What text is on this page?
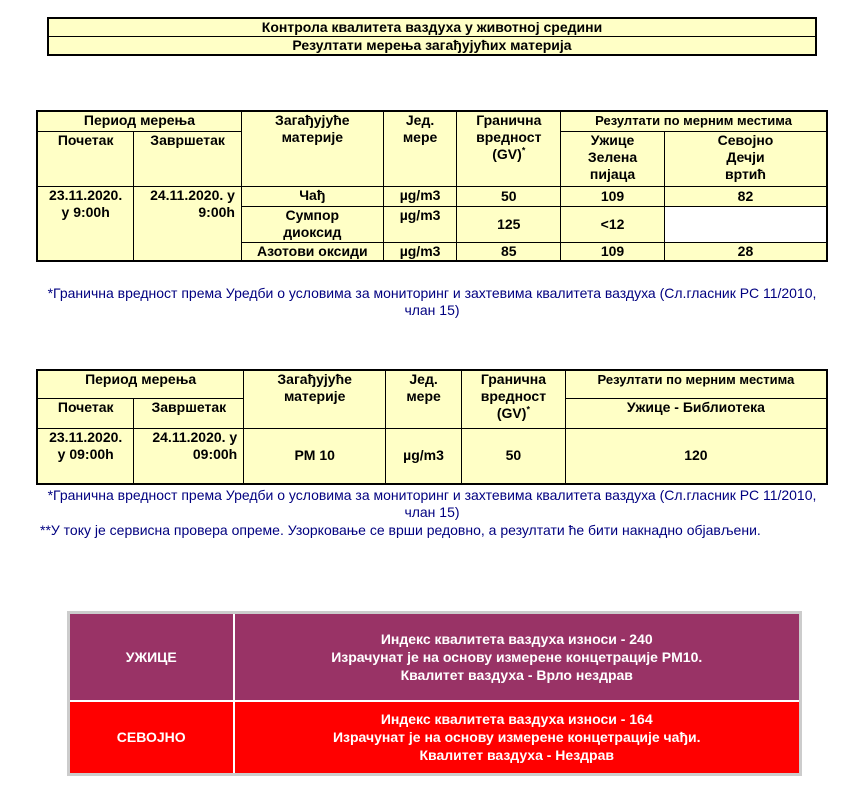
Контрола квалитета ваздуха у животној средини
Резултати мерења загађујућих материја
Период мерења		Загађујуће материје	Јед. мере	Гранична вредност (GV)*	Резултати по мерним местима	
Почетак	Завршетак				Ужице Зелена пијаца	Севојно Дечји вртић
23.11.2020. у 9:00h	24.11.2020. у 9:00h	Чађ	µg/m3	50	109	82
		Сумпор диоксид	µg/m3	125	<12	
		Азотови оксиди	µg/m3	85	109	28
*Гранична вредност према Уредби о условима за мониторинг и захтевима квалитета ваздуха (Сл.гласник РС 11/2010, члан 15)
Период мерења		Загађујуће материје	Јед. мере	Гранична вредност (GV)*	Резултати по мерним местима
Почетак	Завршетак				Ужице - Библиотека
23.11.2020. у 09:00h	24.11.2020. у 09:00h	PM 10	µg/m3	50	120
*Гранична вредност према Уредби о условима за мониторинг и захтевима квалитета ваздуха (Сл.гласник РС 11/2010, члан 15)
**У току је сервисна провера опреме. Узорковање се врши редовно, а резултати ће бити накнадно објављени.
УЖИЦЕ	Индекс квалитета ваздуха износи - 240
Израчунат је на основу измерене концетрације PM10.
Квалитет ваздуха - Врло нездрав

СЕВОЈНО	Индекс квалитета ваздуха износи - 164
Израчунат је на основу измерене концетрације чађи.
Квалитет ваздуха - Нездрав
